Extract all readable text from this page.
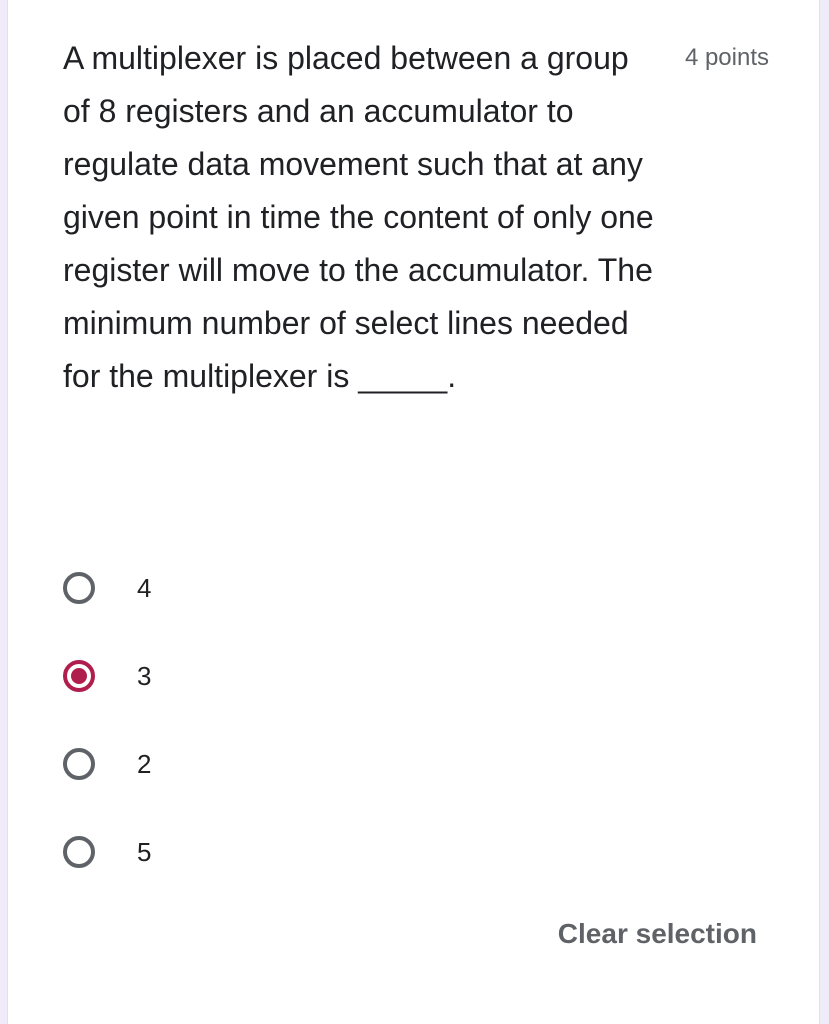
A multiplexer is placed between a group of 8 registers and an accumulator to regulate data movement such that at any given point in time the content of only one register will move to the accumulator. The minimum number of select lines needed for the multiplexer is _____.

4 points
4
3
2
5
Clear selection
